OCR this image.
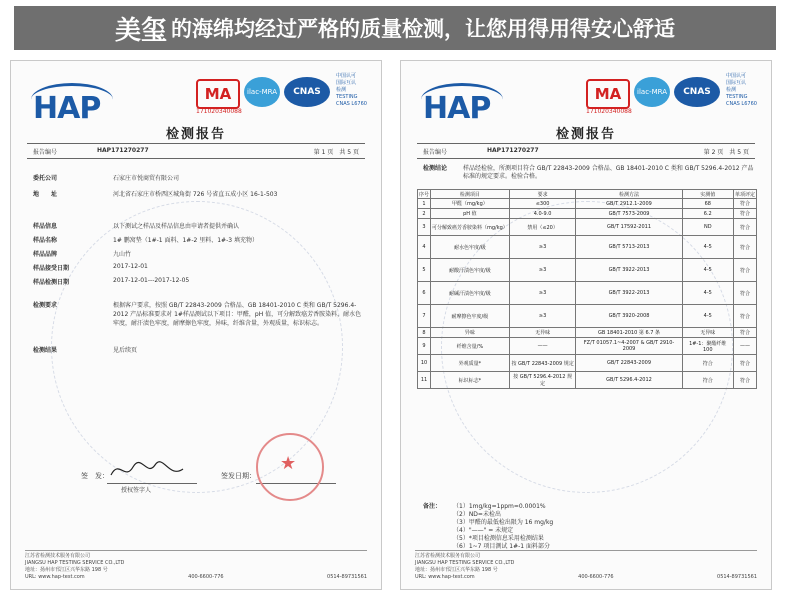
美玺 的海绵均经过严格的质量检测，让您用得用得安心舒适
HAP	MA	ilac-MRA	CNAS
中国认可
国际互认
检测
TESTING
CNAS L6760
171020340088
检测报告
报告编号	HAP171270277	第 1 页　共 5 页
委托公司	石家庄市悦商贸有限公司
地　　址	河北省石家庄市桥西区城角街 726 号省直五成小区 16-1-503
样品信息	以下测试之样品及样品信息由申请者提供并确认
样品名称	1# 鹏窝垫（1#-1 面料、1#-2 里料、1#-3 填充物）
样品品牌	九山竹
样品接受日期	2017-12-01
样品检测日期	2017-12-01---2017-12-05
检测要求	根据客户要求，按照 GB/T 22843-2009 合格品、GB 18401-2010 C 类和 GB/T 5296.4-2012 产品标准要求对 1#样品测试以下项目：甲醛，pH 值，可分解致癌芳香胺染料，耐水色牢度，耐汗渍色牢度，耐摩擦色牢度，异味，纤维含量，外观质量，标识标志。
检测结果	见后续页
签　发：
授权签字人
签发日期：
★
江苏省检测技术服务有限公司
JIANGSU HAP TESTING SERVICE CO.,LTD
地址：扬州市邗江区兴华东路 198 号
URL: www.hap-test.com	400-6600-776	0514-89731561
HAP	MA	ilac-MRA	CNAS
中国认可
国际互认
检测
TESTING
CNAS L6760
171020340088
检测报告
报告编号	HAP171270277	第 2 页　共 5 页
检测结论	样品经检验，所测项目符合 GB/T 22843-2009 合格品、GB 18401-2010 C 类和 GB/T 5296.4-2012 产品标准的规定要求。检验合格。
序号	检测项目	要求	检测方法	实测值	单项评定
1	甲醛（mg/kg）	≤300	GB/T 2912.1-2009	68	符合
2	pH 值	4.0-9.0	GB/T 7573-2009	6.2	符合
3	可分解致癌芳香胺染料（mg/kg）	禁用（≤20）	GB/T 17592-2011	ND	符合
4	耐水色牢度/级	≥3	GB/T 5713-2013	4-5	符合
5	耐酸汗渍色牢度/级	≥3	GB/T 3922-2013	4-5	符合
6	耐碱汗渍色牢度/级	≥3	GB/T 3922-2013	4-5	符合
7	耐摩擦色牢度/级	≥3	GB/T 3920-2008	4-5	符合
8	异味	无异味	GB 18401-2010 第 6.7 条	无异味	符合
9	纤维含量/%	——	FZ/T 01057.1~4-2007 & GB/T 2910-2009	1#-1：聚酯纤维 100	——
10	外观质量*	按 GB/T 22843-2009 规定	GB/T 22843-2009	符合	符合
11	标识标志*	按 GB/T 5296.4-2012 规定	GB/T 5296.4-2012	符合	符合
备注： （1）1mg/kg=1ppm=0.0001%
（2）ND=未检出
（3）甲醛的最低检出限为 16 mg/kg
（4）"——" = 未规定
（5）*项目检测信息采用检测结果
（6）1~7 项目测试 1#-1 面料部分
江苏省检测技术服务有限公司
JIANGSU HAP TESTING SERVICE CO.,LTD
地址：扬州市邗江区兴华东路 198 号
URL: www.hap-test.com	400-6600-776	0514-89731561
